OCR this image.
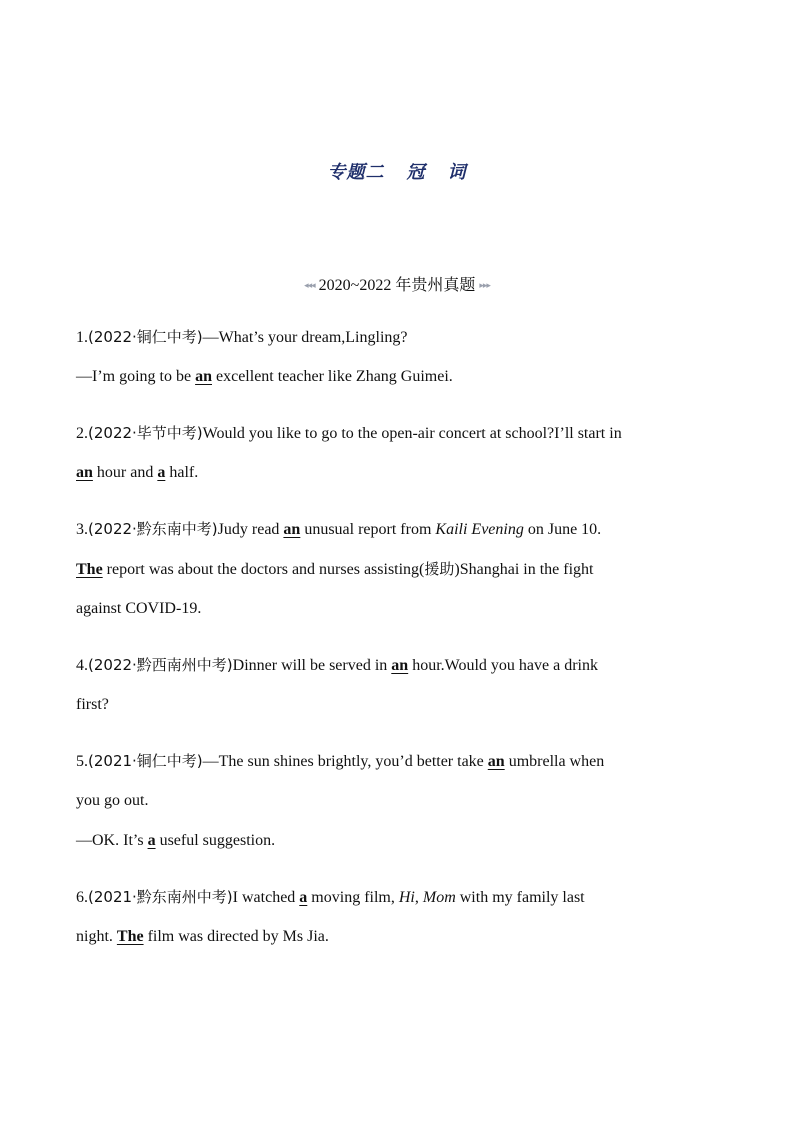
专题二 冠 词
◂◂◂ 2020~2022 年贵州真题 ▸▸▸
1.(2022·铜仁中考)—What’s your dream,Lingling?
—I’m going to be an excellent teacher like Zhang Guimei.
2.(2022·毕节中考)Would you like to go to the open-air concert at school?I’ll start in
an hour and a half.
3.(2022·黔东南中考)Judy read an unusual report from Kaili Evening on June 10.
The report was about the doctors and nurses assisting(援助)Shanghai in the fight
against COVID-19.
4.(2022·黔西南州中考)Dinner will be served in an hour.Would you have a drink
first?
5.(2021·铜仁中考)—The sun shines brightly, you’d better take an umbrella when
you go out.
—OK. It’s a useful suggestion.
6.(2021·黔东南州中考)I watched a moving film, Hi, Mom with my family last
night. The film was directed by Ms Jia.
